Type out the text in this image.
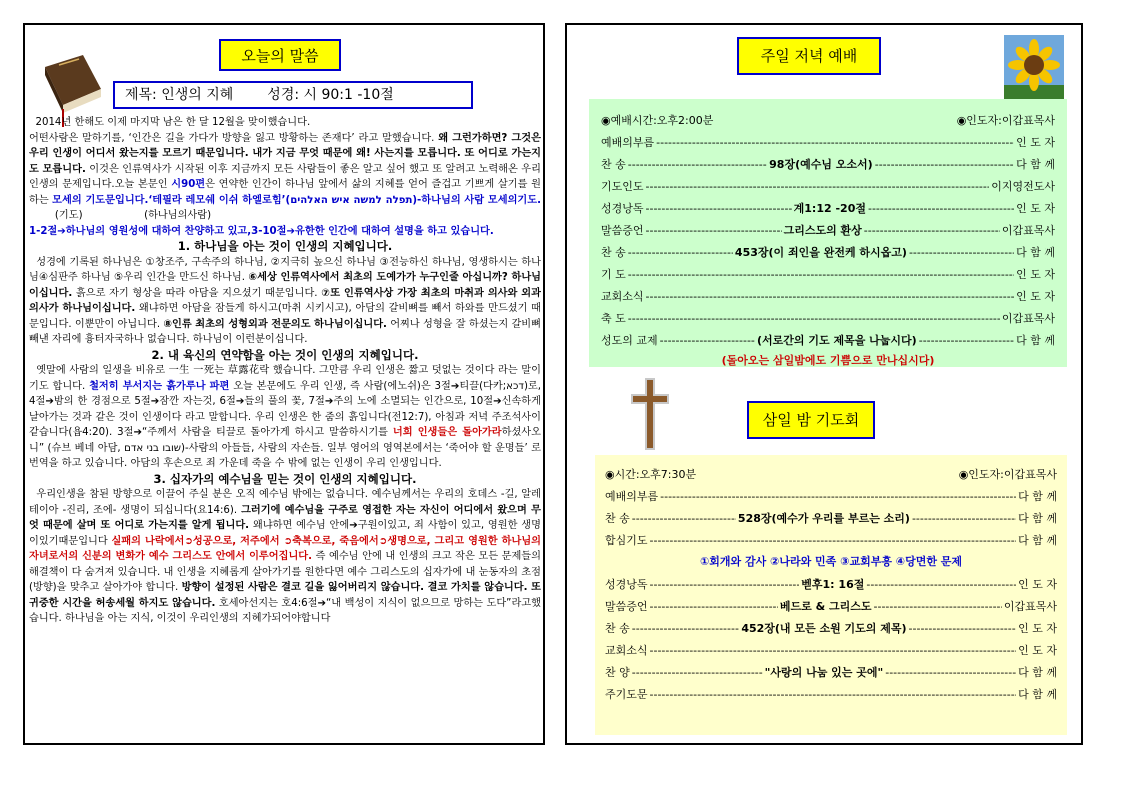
오늘의 말씀
제목: 인생의 지혜 성경: 시 90:1 -10절

2014년 한해도 이제 마지막 남은 한 달 12월을 맞이했습니다.

어떤사람은 말하기를, ‘인간은 길을 가다가 방향을 잃고 방황하는 존재다’ 라고 말했습니다. 왜 그런가하면? 그것은 우리 인생이 어디서 왔는지를 모르기 때문입니다. 내가 지금 무엇 때문에 왜! 사는지를 모릅니다. 또 어디로 가는지도 모릅니다. 이것은 인류역사가 시작된 이후 지금까지 모든 사람들이 좋은 알고 싶어 했고 또 알려고 노력해온 우리 인생의 문제입니다.오늘 본문인 시90편은 연약한 인간이 하나님 앞에서 삶의 지혜를 얻어 즐겁고 기쁘게 살기를 원하는 모세의 기도문입니다.‘테필라 레모쉐 이쉬 하엘로힘’(תפלה למשה איש האלהים)-하나님의 사람 모세의기도.         (기도)	(하나님의사람)

1-2절➔하나님의 영원성에 대하여 찬양하고 있고,3-10절➔유한한 인간에 대하여 설명을 하고 있습니다.

1. 하나님을 아는 것이 인생의 지혜입니다.

성경에 기록된 하나님은 ①창조주, 구속주의 하나님, ②지극히 높으신 하나님 ③전능하신 하나님, 영생하시는 하나님④심판주 하나님 ⑤우리 인간을 만드신 하나님. ⑥세상 인류역사에서 최초의 도예가가 누구인줄 아십니까? 하나님이십니다. 흙으로 자기 형상을 따라 아담을 지으셨기 때문입니다. ⑦또 인류역사상 가장 최초의 마취과 의사와 외과의사가 하나님이십니다. 왜냐하면 아담을 잠들게 하시고(마취 시키시고), 아담의 갈비뼈를 빼서 하와를 만드셨기 때문입니다. 이뿐만이 아닙니다. ⑧인류 최초의 성형외과 전문의도 하나님이십니다. 어찌나 성형을 잘 하셨는지 갈비뼈 빼낸 자리에 흉터자국하나 없습니다. 하나님이 이런분이십니다.

2. 내 육신의 연약함을 아는 것이 인생의 지혜입니다.

옛말에 사람의 일생을 비유로 一生 一死는 草露花락 했습니다. 그만큼 우리 인생은 짧고 덧없는 것이다 라는 말이기도 합니다. 철저히 부서지는 흙가루나 파편 오늘 본문에도 우리 인생, 즉 사람(에노쉬)은 3절➔티끌(다카;דכא)로, 4절➔밤의 한 경점으로 5절➔잠깐 자는것, 6절➔들의 풀의 꽃, 7절➔주의 노에 소멸되는 인간으로, 10절➔신속하게 날아가는 것과 같은 것이 인생이다 라고 말합니다. 우리 인생은 한 줌의 흙입니다(전12:7), 아침과 저녁 주조석사이 같습니다(욥4:20). 3절➔“주께서 사람을 티끌로 돌아가게 하시고 말씀하시기를 너희 인생들은 돌아가라하셨사오니” (슈브 베네 아담, שובו בני אדם)-사람의 아들들, 사람의 자손들. 일부 영어의 영역본에서는 ‘죽어야 할 운명들’ 로 번역을 하고 있습니다. 아담의 후손으로 죄 가운데 죽을 수 밖에 없는 인생이 우리 인생입니다.

3. 십자가의 예수님을 믿는 것이 인생의 지혜입니다.

우리인생을 참된 방향으로 이끌어 주실 분은 오직 예수님 밖에는 없습니다. 예수님께서는 우리의 호데스 -길, 알레테이아 -진리, 조에- 생명이 되십니다(요14:6). 그러기에 예수님을 구주로 영접한 자는 자신이 어디에서 왔으며 무엇 때문에 살며 또 어디로 가는지를 알게 됩니다. 왜냐하면 예수님 안에➔구원이있고, 죄 사함이 있고, 영원한 생명이있기때문입니다 실패의 나락에서➲성공으로, 저주에서 ➲축복으로, 죽음에서➲생명으로, 그리고 영원한 하나님의 자녀로서의 신분의 변화가 예수 그리스도 안에서 이루어집니다. 즉 예수님 안에 내 인생의 크고 작은 모든 문제들의 해결책이 다 숨겨져 있습니다. 내 인생을 지혜롭게 살아가기를 원한다면 예수 그리스도의 십자가에 내 눈동자의 초점(방향)을 맞추고 살아가야 합니다. 방향이 설정된 사람은 결코 길을 잃어버리지 않습니다. 결코 가치를 않습니다. 또 귀중한 시간을 허송세월 하지도 않습니다. 호세아선지는 호4:6절➔“내 백성이 지식이 없으므로 망하는 도다”라고했습니다. 하나님을 아는 지식, 이것이 우리인생의 지혜가되어야합니다

주일 저녁 예배
◉예배시간:오후2:00분	◉인도자:이갑표목사
예배의부름 -----	인 도 자
찬 송 -----	98장(예수님 오소서) -----	다 함 께
기도인도 -----	이지영전도사
성경낭독 -----	계1:12 -20절 -----	인 도 자
말씀증언 -----	그리스도의 환상 -----	이갑표목사
찬 송 -----	453장(이 죄인을 완전케 하시옵고) -----	다 함 께
기 도 -----	인 도 자
교회소식 -----	인 도 자
축 도 -----	이갑표목사
성도의 교제 -----	(서로간의 기도 제목을 나눕시다) -----	다 함 께
(돌아오는 삼일밤에도 기쁨으로 만나십시다)
삼일 밤 기도회
◉시간:오후7:30분	◉인도자:이갑표목사
예배의부름 -----	다 함 께
찬 송 -----	528장(예수가 우리를 부르는 소리) -----	다 함 께
합심기도 -----	다 함 께
①회개와 감사 ②나라와 민족 ③교회부흥 ④당면한 문제
성경낭독 -----	벧후1: 16절 -----	인 도 자
말씀증언 -----	베드로 & 그리스도 -----	이갑표목사
찬 송 -----	452장(내 모든 소원 기도의 제목) -----	인 도 자
교회소식 -----	인 도 자
찬 양 -----	"사랑의 나눔 있는 곳에" -----	다 함 께
주기도문 -----	다 함 께
